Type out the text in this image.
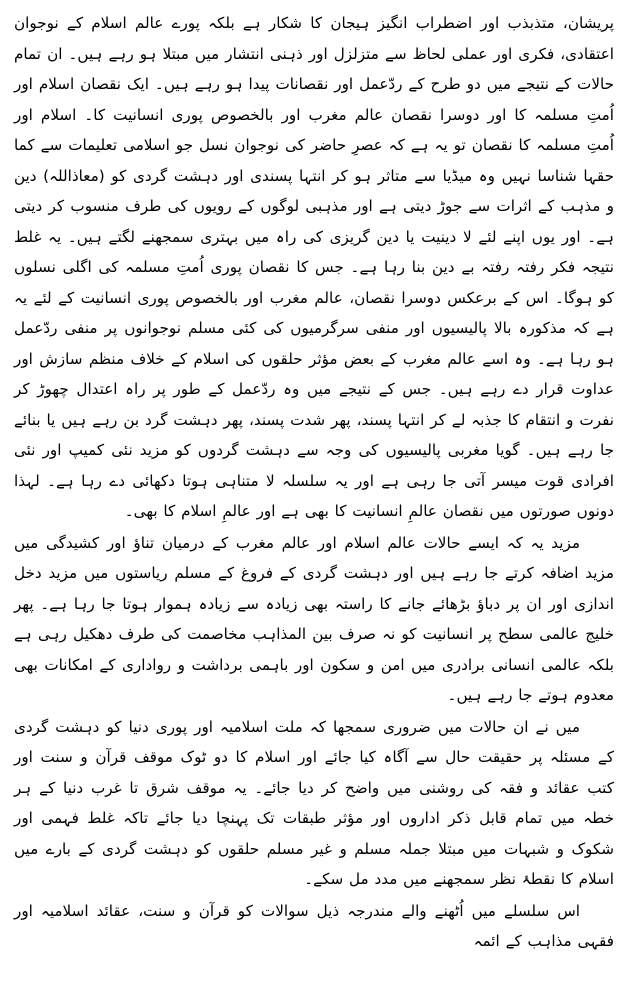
پریشان، متذبذب اور اضطراب انگیز ہیجان کا شکار ہے بلکہ پورے عالم اسلام کے نوجوان اعتقادی، فکری اور عملی لحاظ سے متزلزل اور ذہنی انتشار میں مبتلا ہو رہے ہیں۔ ان تمام حالات کے نتیجے میں دو طرح کے ردّعمل اور نقصانات پیدا ہو رہے ہیں۔ ایک نقصان اسلام اور اُمتِ مسلمہ کا اور دوسرا نقصان عالم مغرب اور بالخصوص پوری انسانیت کا۔ اسلام اور اُمتِ مسلمہ کا نقصان تو یہ ہے کہ عصرِ حاضر کی نوجوان نسل جو اسلامی تعلیمات سے کما حقہا شناسا نہیں وہ میڈیا سے متاثر ہو کر انتہا پسندی اور دہشت گردی کو (معاذاللہ) دین و مذہب کے اثرات سے جوڑ دیتی ہے اور مذہبی لوگوں کے رویوں کی طرف منسوب کر دیتی ہے۔ اور یوں اپنے لئے لا دینیت یا دین گریزی کی راہ میں بہتری سمجھنے لگتے ہیں۔ یہ غلط نتیجہ فکر رفتہ رفتہ بے دین بنا رہا ہے۔ جس کا نقصان پوری اُمتِ مسلمہ کی اگلی نسلوں کو ہوگا۔ اس کے برعکس دوسرا نقصان، عالم مغرب اور بالخصوص پوری انسانیت کے لئے یہ ہے کہ مذکورہ بالا پالیسیوں اور منفی سرگرمیوں کی کئی مسلم نوجوانوں پر منفی ردّعمل ہو رہا ہے۔ وہ اسے عالم مغرب کے بعض مؤثر حلقوں کی اسلام کے خلاف منظم سازش اور عداوت قرار دے رہے ہیں۔ جس کے نتیجے میں وہ ردّعمل کے طور پر راہ اعتدال چھوڑ کر نفرت و انتقام کا جذبہ لے کر انتہا پسند، پھر شدت پسند، پھر دہشت گرد بن رہے ہیں یا بنائے جا رہے ہیں۔ گویا مغربی پالیسیوں کی وجہ سے دہشت گردوں کو مزید نئی کمیپ اور نئی افرادی قوت میسر آتی جا رہی ہے اور یہ سلسلہ لا متناہی ہوتا دکھائی دے رہا ہے۔ لہذا دونوں صورتوں میں نقصان عالمِ انسانیت کا بھی ہے اور عالمِ اسلام کا بھی۔

مزید یہ کہ ایسے حالات عالم اسلام اور عالم مغرب کے درمیان تناؤ اور کشیدگی میں مزید اضافہ کرتے جا رہے ہیں اور دہشت گردی کے فروغ کے مسلم ریاستوں میں مزید دخل اندازی اور ان پر دباؤ بڑھائے جانے کا راستہ بھی زیادہ سے زیادہ ہموار ہوتا جا رہا ہے۔ پھر خلیج عالمی سطح پر انسانیت کو نہ صرف بین المذاہب مخاصمت کی طرف دھکیل رہی ہے بلکہ عالمی انسانی برادری میں امن و سکون اور باہمی برداشت و رواداری کے امکانات بھی معدوم ہوتے جا رہے ہیں۔

میں نے ان حالات میں ضروری سمجھا کہ ملت اسلامیہ اور پوری دنیا کو دہشت گردی کے مسئلہ پر حقیقت حال سے آگاہ کیا جائے اور اسلام کا دو ٹوک موقف قرآن و سنت اور کتب عقائد و فقہ کی روشنی میں واضح کر دیا جائے۔ یہ موقف شرق تا غرب دنیا کے ہر خطہ میں تمام قابل ذکر اداروں اور مؤثر طبقات تک پہنچا دیا جائے تاکہ غلط فہمی اور شکوک و شبہات میں مبتلا جملہ مسلم و غیر مسلم حلقوں کو دہشت گردی کے بارے میں اسلام کا نقطۂ نظر سمجھنے میں مدد مل سکے۔

اس سلسلے میں اُٹھنے والے مندرجہ ذیل سوالات کو قرآن و سنت، عقائد اسلامیہ اور فقہی مذاہب کے ائمہ
